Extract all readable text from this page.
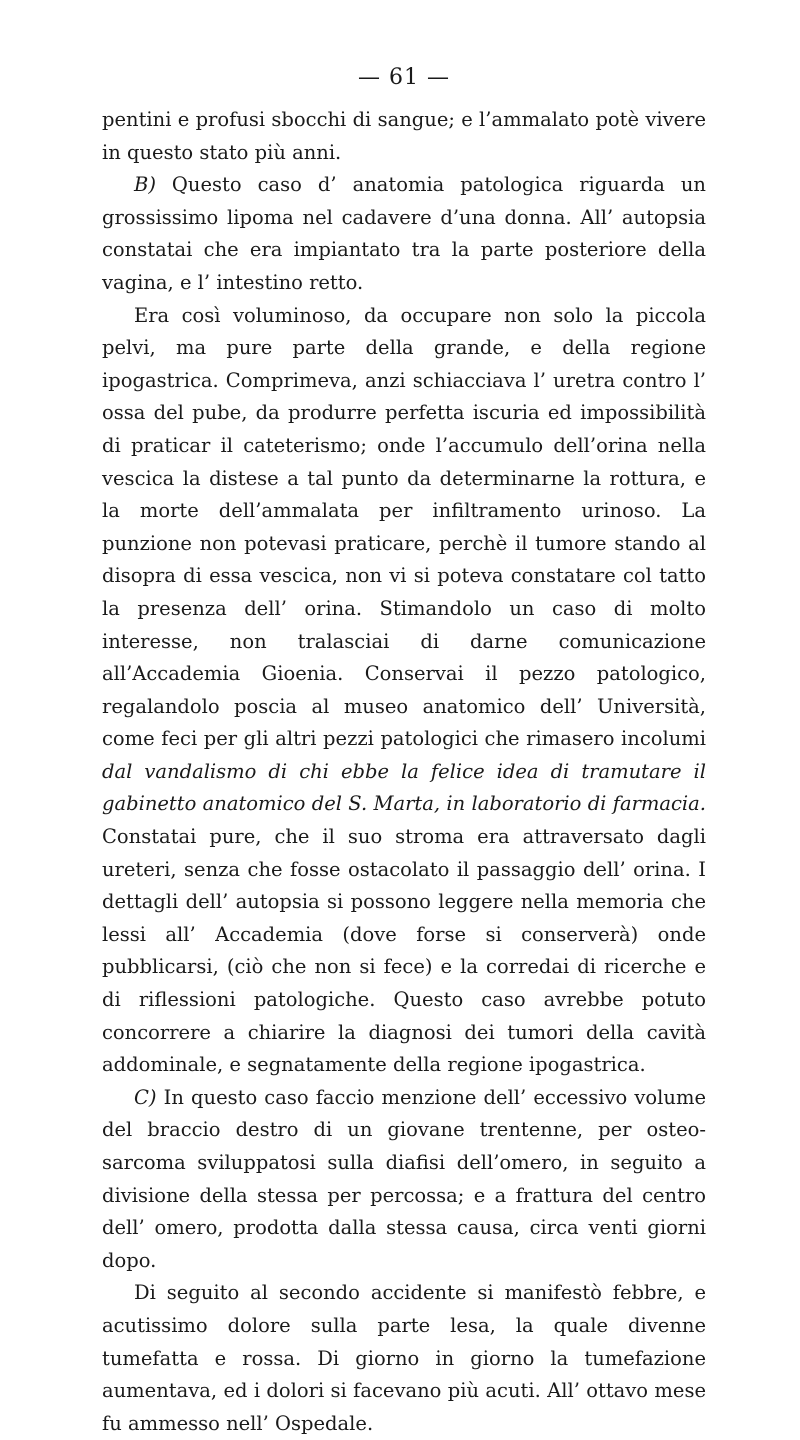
— 61 —

pentini e profusi sbocchi di sangue; e l’ammalato potè vivere in questo stato più anni.

B) Questo caso d’ anatomia patologica riguarda un grossissimo lipoma nel cadavere d’una donna. All’ autopsia constatai che era impiantato tra la parte posteriore della vagina, e l’ intestino retto.

Era così voluminoso, da occupare non solo la piccola pelvi, ma pure parte della grande, e della regione ipogastrica. Comprimeva, anzi schiacciava l’ uretra contro l’ ossa del pube, da produrre perfetta iscuria ed impossibilità di praticar il cateterismo; onde l’accumulo dell’orina nella vescica la distese a tal punto da determinarne la rottura, e la morte dell’ammalata per infiltramento urinoso. La punzione non potevasi praticare, perchè il tumore stando al disopra di essa vescica, non vi si poteva constatare col tatto la presenza dell’ orina. Stimandolo un caso di molto interesse, non tralasciai di darne comunicazione all’Accademia Gioenia. Conservai il pezzo patologico, regalandolo poscia al museo anatomico dell’ Università, come feci per gli altri pezzi patologici che rimasero incolumi dal vandalismo di chi ebbe la felice idea di tramutare il gabinetto anatomico del S. Marta, in laboratorio di farmacia. Constatai pure, che il suo stroma era attraversato dagli ureteri, senza che fosse ostacolato il passaggio dell’ orina. I dettagli dell’ autopsia si possono leggere nella memoria che lessi all’ Accademia (dove forse si conserverà) onde pubblicarsi, (ciò che non si fece) e la corredai di ricerche e di riflessioni patologiche. Questo caso avrebbe potuto concorrere a chiarire la diagnosi dei tumori della cavità addominale, e segnatamente della regione ipogastrica.

C) In questo caso faccio menzione dell’ eccessivo volume del braccio destro di un giovane trentenne, per osteo-sarcoma sviluppatosi sulla diafisi dell’omero, in seguito a divisione della stessa per percossa; e a frattura del centro dell’ omero, prodotta dalla stessa causa, circa venti giorni dopo.

Di seguito al secondo accidente si manifestò febbre, e acutissimo dolore sulla parte lesa, la quale divenne tumefatta e rossa. Di giorno in giorno la tumefazione aumentava, ed i dolori si facevano più acuti. All’ ottavo mese fu ammesso nell’ Ospedale.
